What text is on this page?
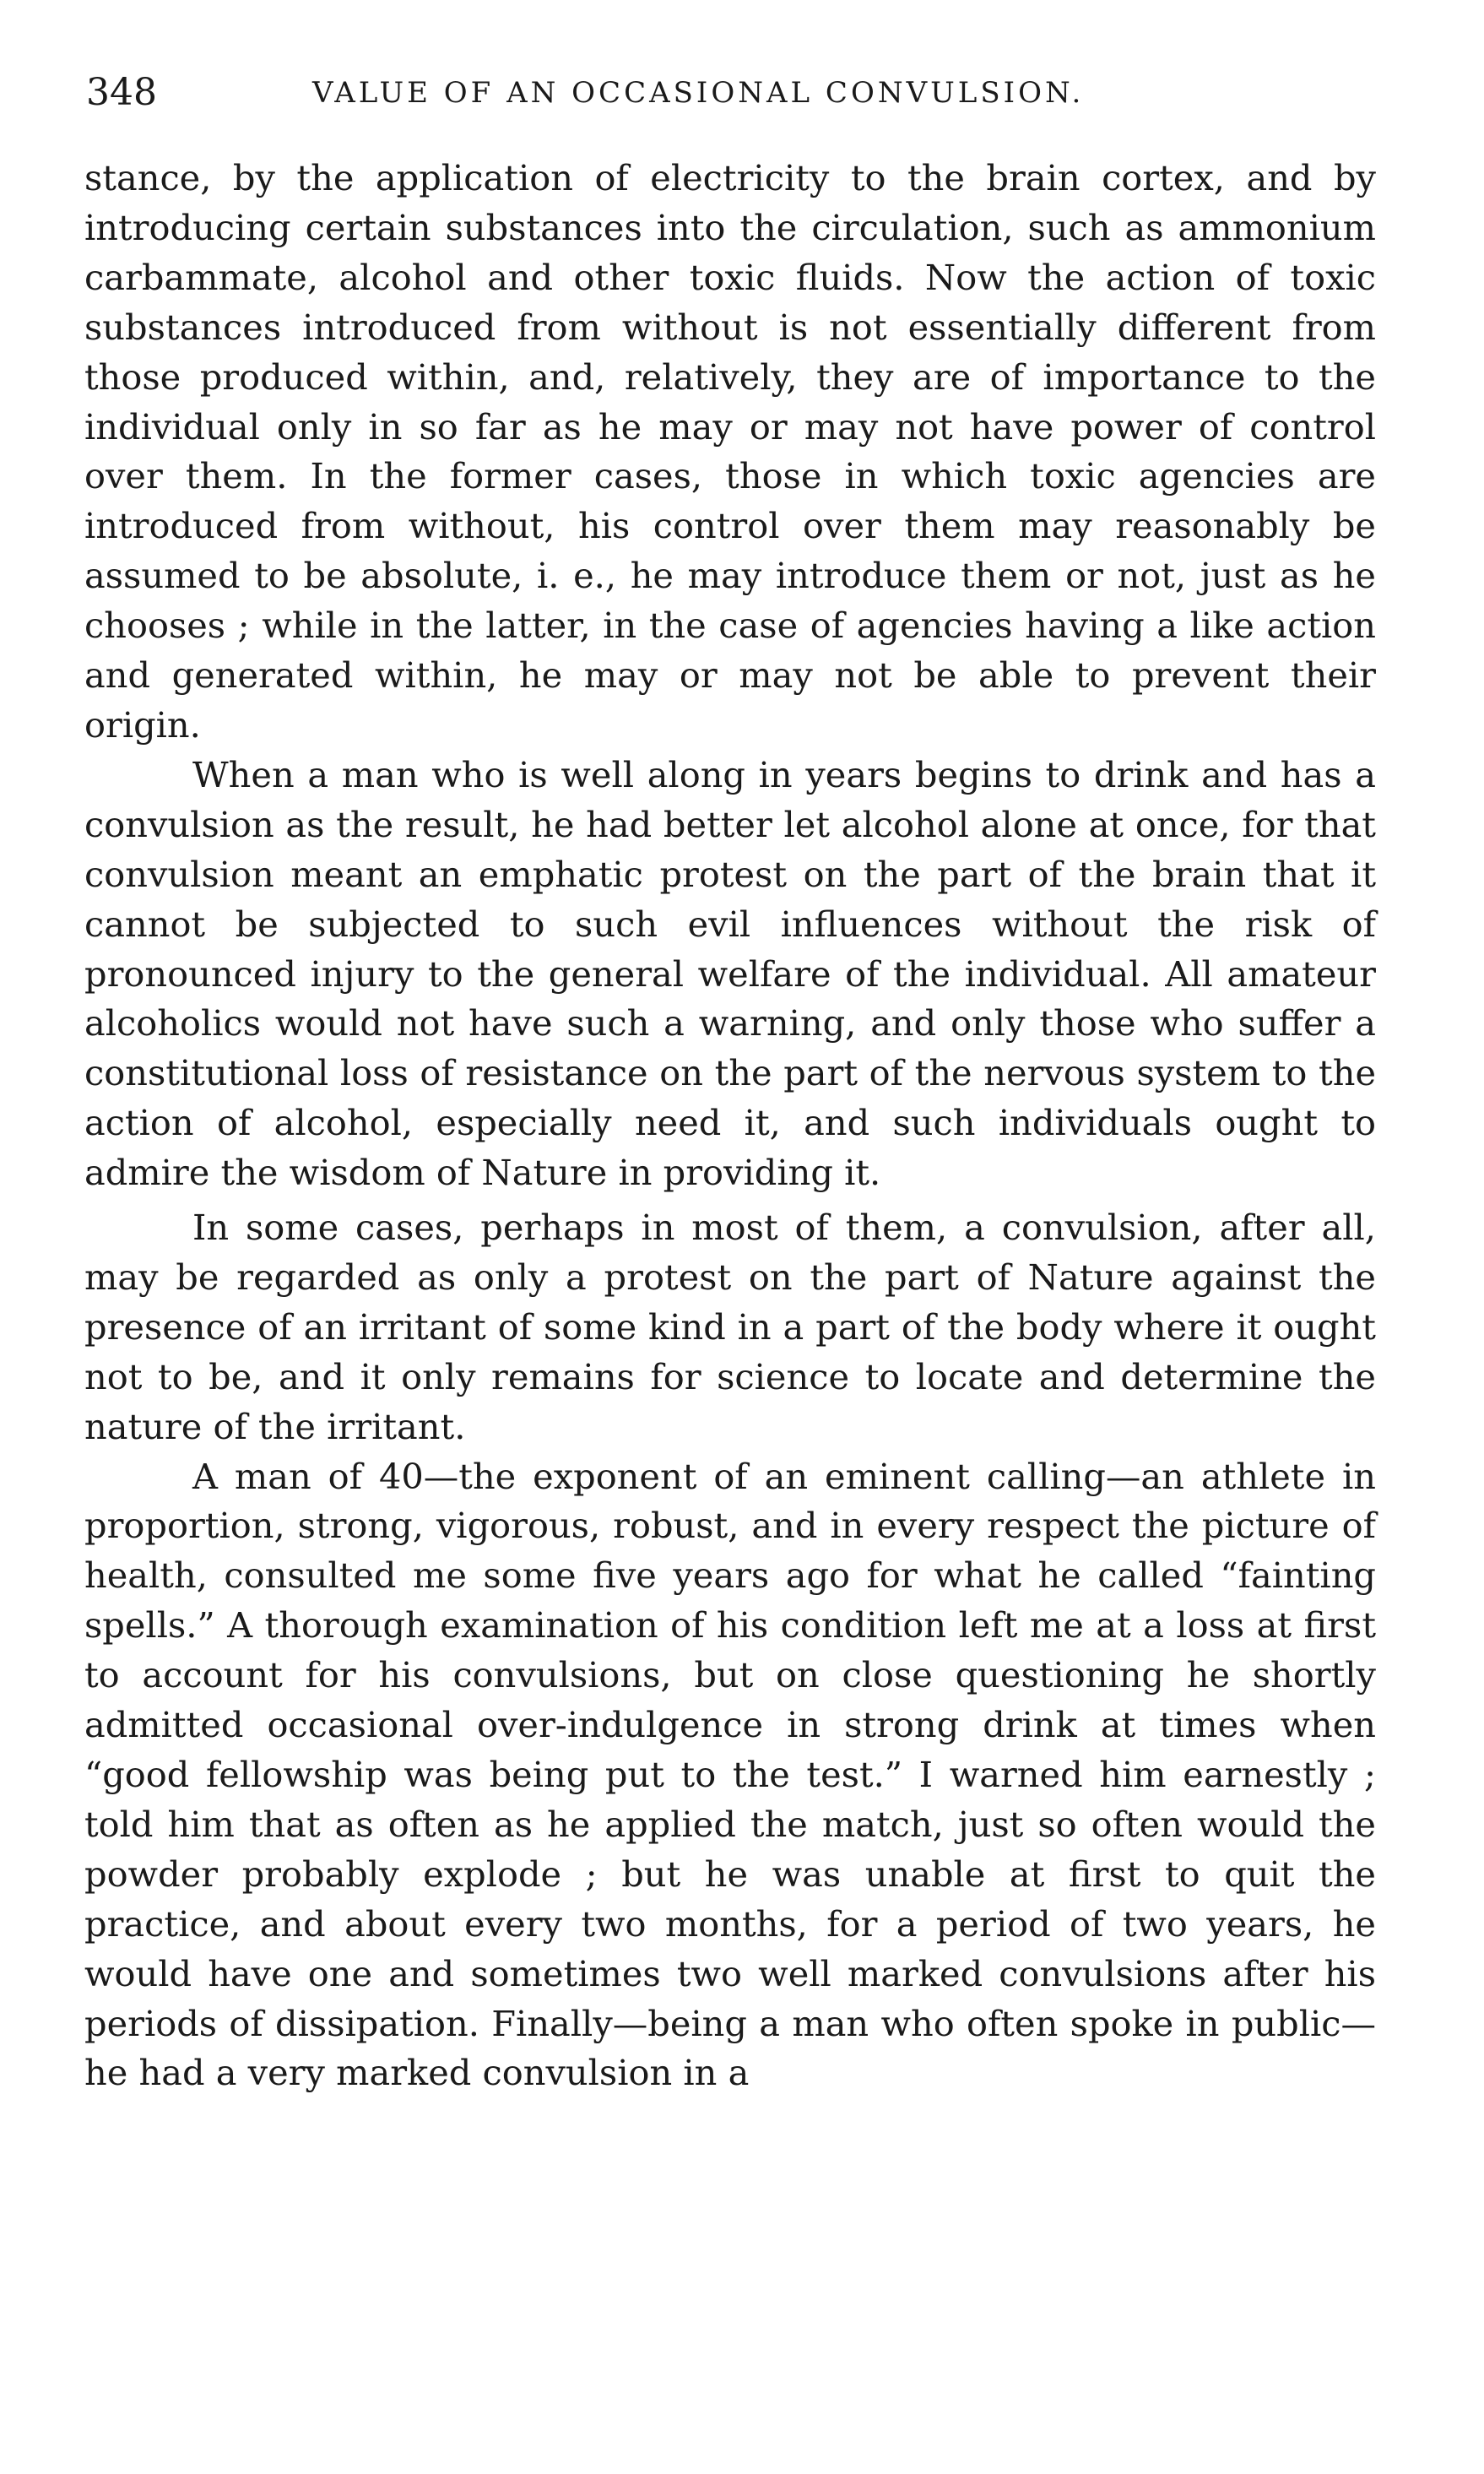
348	VALUE OF AN OCCASIONAL CONVULSION.

stance, by the application of electricity to the brain cortex, and by introducing certain substances into the circulation, such as ammonium carbammate, alcohol and other toxic fluids. Now the action of toxic substances introduced from without is not essentially different from those produced within, and, relatively, they are of importance to the individual only in so far as he may or may not have power of control over them. In the former cases, those in which toxic agencies are introduced from without, his control over them may reasonably be assumed to be absolute, i. e., he may introduce them or not, just as he chooses ; while in the latter, in the case of agencies having a like action and generated within, he may or may not be able to prevent their origin.

When a man who is well along in years begins to drink and has a convulsion as the result, he had better let alcohol alone at once, for that convulsion meant an emphatic protest on the part of the brain that it cannot be subjected to such evil influences without the risk of pronounced injury to the general welfare of the individual. All amateur alcoholics would not have such a warning, and only those who suffer a constitutional loss of resistance on the part of the nervous system to the action of alcohol, especially need it, and such individuals ought to admire the wisdom of Nature in providing it.

In some cases, perhaps in most of them, a convulsion, after all, may be regarded as only a protest on the part of Nature against the presence of an irritant of some kind in a part of the body where it ought not to be, and it only remains for science to locate and determine the nature of the irritant.

A man of 40—the exponent of an eminent calling—an athlete in proportion, strong, vigorous, robust, and in every respect the picture of health, consulted me some five years ago for what he called “fainting spells.” A thorough examination of his condition left me at a loss at first to account for his convulsions, but on close questioning he shortly admitted occasional over-indulgence in strong drink at times when “good fellowship was being put to the test.” I warned him earnestly ; told him that as often as he applied the match, just so often would the powder probably explode ; but he was unable at first to quit the practice, and about every two months, for a period of two years, he would have one and sometimes two well marked convulsions after his periods of dissipation. Finally—being a man who often spoke in public—he had a very marked convulsion in a
